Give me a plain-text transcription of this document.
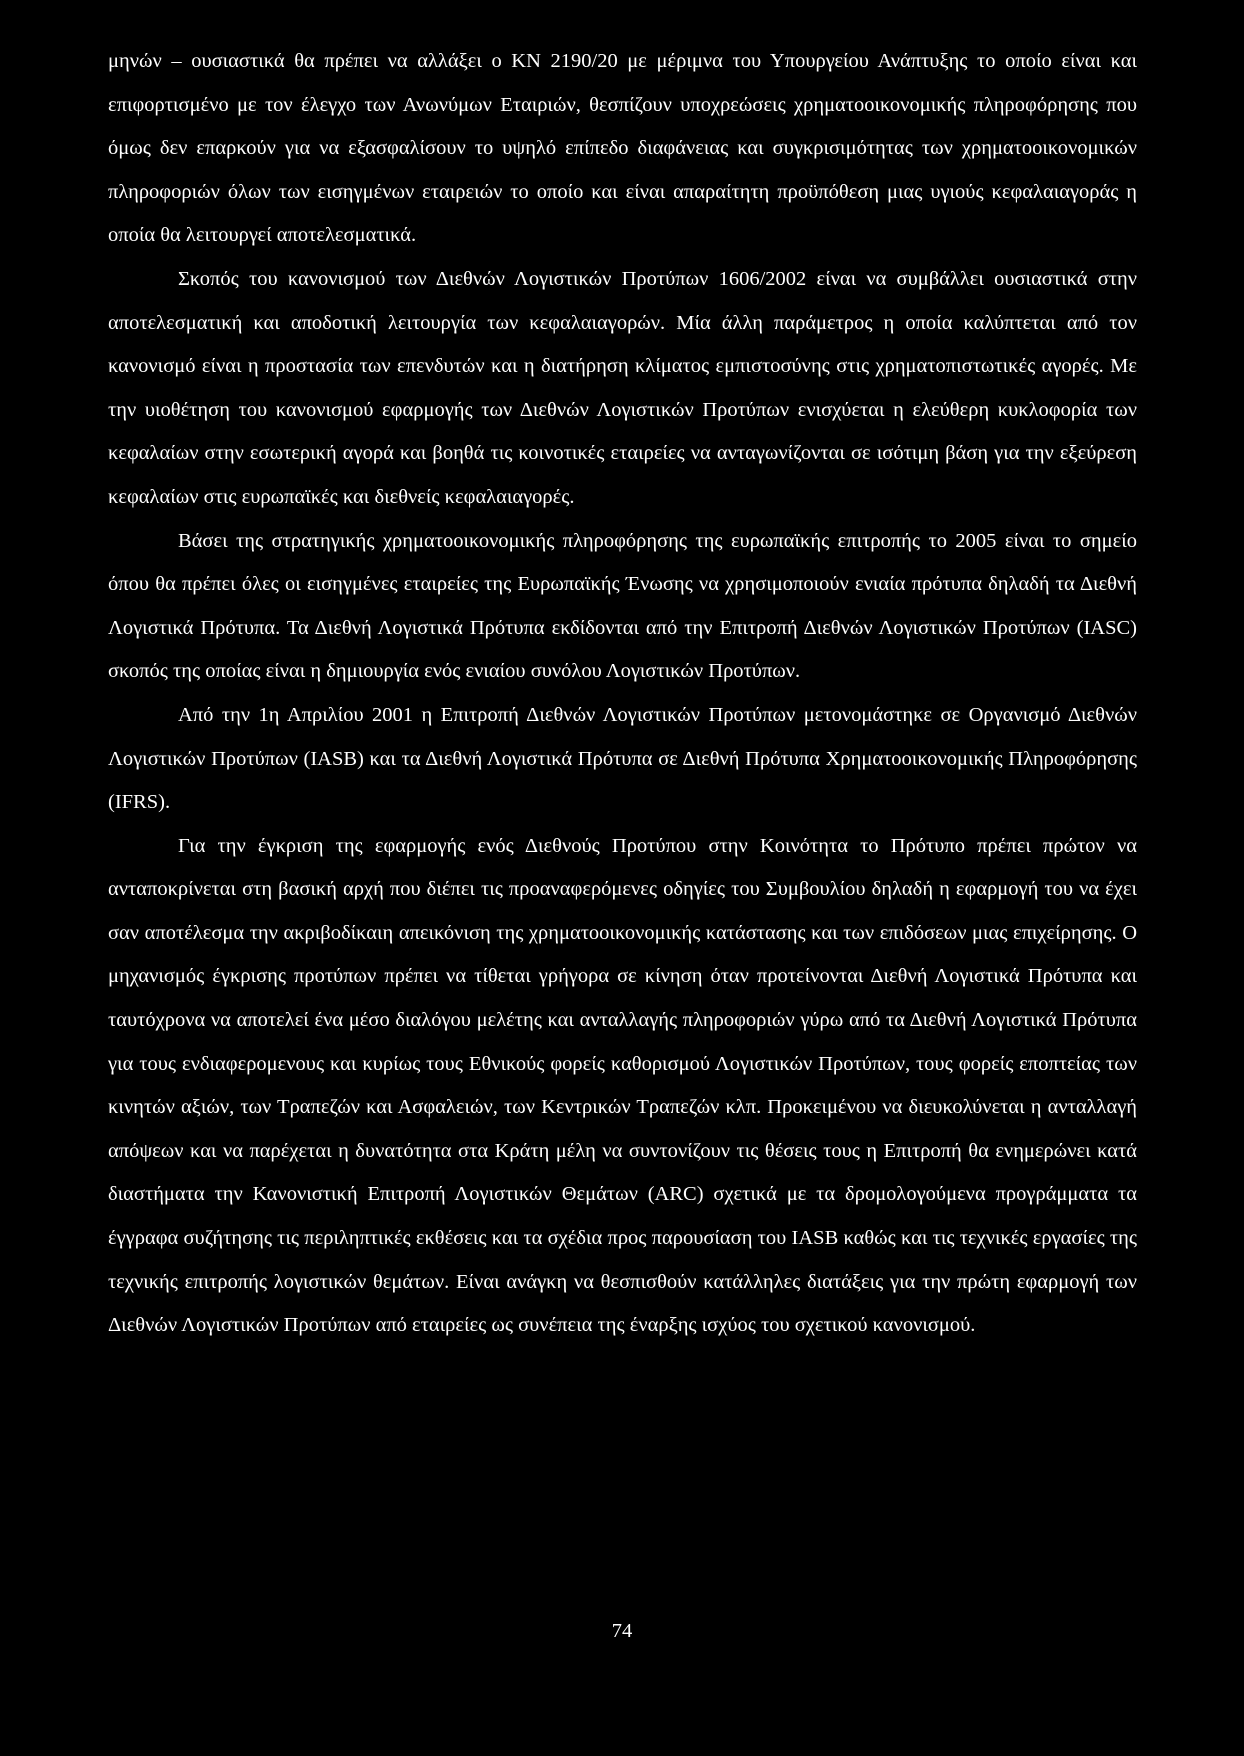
μηνών – ουσιαστικά θα πρέπει να αλλάξει ο ΚΝ 2190/20 με μέριμνα του Υπουργείου Ανάπτυξης το οποίο είναι και επιφορτισμένο με τον έλεγχο των Ανωνύμων Εταιριών, θεσπίζουν υποχρεώσεις χρηματοοικονομικής πληροφόρησης που όμως δεν επαρκούν για να εξασφαλίσουν το υψηλό επίπεδο διαφάνειας και συγκρισιμότητας των χρηματοοικονομικών πληροφοριών όλων των εισηγμένων εταιρειών το οποίο και είναι απαραίτητη προϋπόθεση μιας υγιούς κεφαλαιαγοράς η οποία θα λειτουργεί αποτελεσματικά.

Σκοπός του κανονισμού των Διεθνών Λογιστικών Προτύπων 1606/2002 είναι να συμβάλλει ουσιαστικά στην αποτελεσματική και αποδοτική λειτουργία των κεφαλαιαγορών. Μία άλλη παράμετρος η οποία καλύπτεται από τον κανονισμό είναι η προστασία των επενδυτών και η διατήρηση κλίματος εμπιστοσύνης στις χρηματοπιστωτικές αγορές. Με την υιοθέτηση του κανονισμού εφαρμογής των Διεθνών Λογιστικών Προτύπων ενισχύεται η ελεύθερη κυκλοφορία των κεφαλαίων στην εσωτερική αγορά και βοηθά τις κοινοτικές εταιρείες να ανταγωνίζονται σε ισότιμη βάση για την εξεύρεση κεφαλαίων στις ευρωπαϊκές και διεθνείς κεφαλαιαγορές.

Βάσει της στρατηγικής χρηματοοικονομικής πληροφόρησης της ευρωπαϊκής επιτροπής το 2005 είναι το σημείο όπου θα πρέπει όλες οι εισηγμένες εταιρείες της Ευρωπαϊκής Ένωσης να χρησιμοποιούν ενιαία πρότυπα δηλαδή τα Διεθνή Λογιστικά Πρότυπα. Τα Διεθνή Λογιστικά Πρότυπα εκδίδονται από την Επιτροπή Διεθνών Λογιστικών Προτύπων (IASC) σκοπός της οποίας είναι η δημιουργία ενός ενιαίου συνόλου Λογιστικών Προτύπων.

Από την 1η Απριλίου 2001 η Επιτροπή Διεθνών Λογιστικών Προτύπων μετονομάστηκε σε Οργανισμό Διεθνών Λογιστικών Προτύπων (IASB) και τα Διεθνή Λογιστικά Πρότυπα σε Διεθνή Πρότυπα Χρηματοοικονομικής Πληροφόρησης (IFRS).

Για την έγκριση της εφαρμογής ενός Διεθνούς Προτύπου στην Κοινότητα το Πρότυπο πρέπει πρώτον να ανταποκρίνεται στη βασική αρχή που διέπει τις προαναφερόμενες οδηγίες του Συμβουλίου δηλαδή η εφαρμογή του να έχει σαν αποτέλεσμα την ακριβοδίκαιη απεικόνιση της χρηματοοικονομικής κατάστασης και των επιδόσεων μιας επιχείρησης. Ο μηχανισμός έγκρισης προτύπων πρέπει να τίθεται γρήγορα σε κίνηση όταν προτείνονται Διεθνή Λογιστικά Πρότυπα και ταυτόχρονα να αποτελεί ένα μέσο διαλόγου μελέτης και ανταλλαγής πληροφοριών γύρω από τα Διεθνή Λογιστικά Πρότυπα για τους ενδιαφερομενους και κυρίως τους Εθνικούς φορείς καθορισμού Λογιστικών Προτύπων, τους φορείς εποπτείας των κινητών αξιών, των Τραπεζών και Ασφαλειών, των Κεντρικών Τραπεζών κλπ. Προκειμένου να διευκολύνεται η ανταλλαγή απόψεων και να παρέχεται η δυνατότητα στα Κράτη μέλη να συντονίζουν τις θέσεις τους η Επιτροπή θα ενημερώνει κατά διαστήματα την Κανονιστική Επιτροπή Λογιστικών Θεμάτων (ARC) σχετικά με τα δρομολογούμενα προγράμματα τα έγγραφα συζήτησης τις περιληπτικές εκθέσεις και τα σχέδια προς παρουσίαση του IASB καθώς και τις τεχνικές εργασίες της τεχνικής επιτροπής λογιστικών θεμάτων. Είναι ανάγκη να θεσπισθούν κατάλληλες διατάξεις για την πρώτη εφαρμογή των Διεθνών Λογιστικών Προτύπων από εταιρείες ως συνέπεια της έναρξης ισχύος του σχετικού κανονισμού.

74
